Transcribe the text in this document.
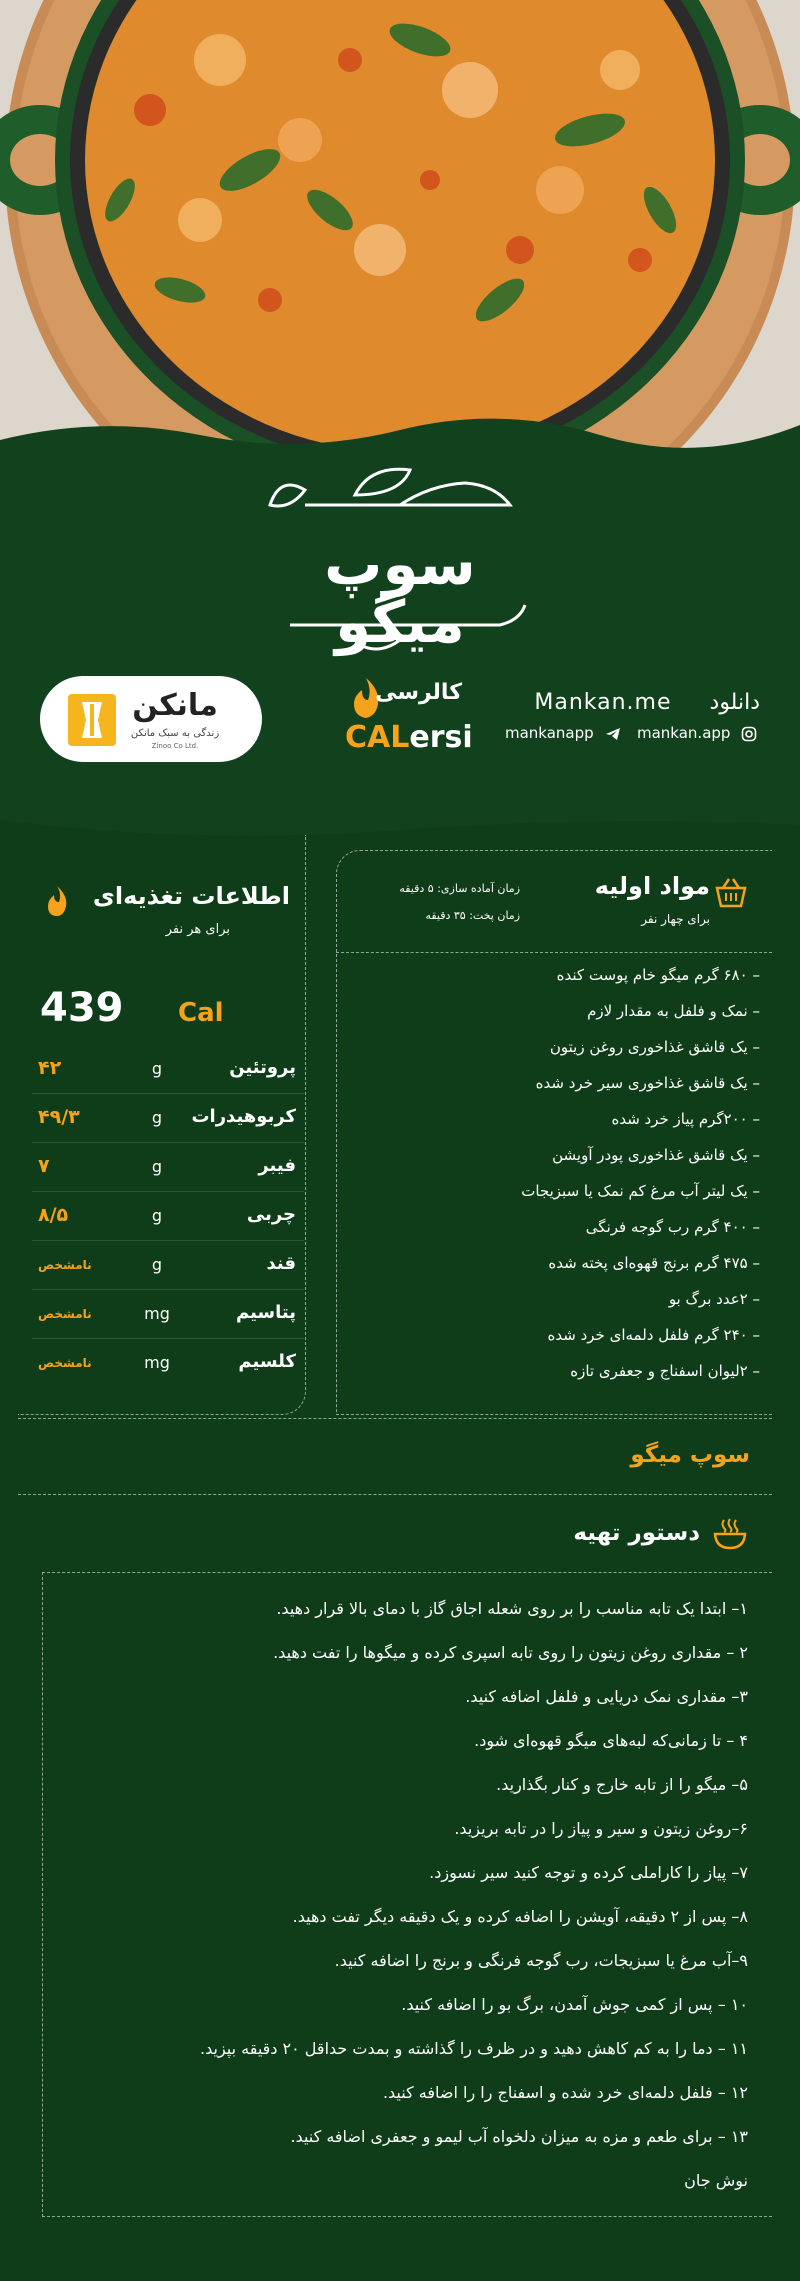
سوپ میگو
مانکن
زندگی به سبک مانکن
Zinoo Co Ltd.
کالرسی
CALersi
Mankan.me دانلود
mankanapp	mankan.app
اطلاعات تغذیه‌ای
برای هر نفر
439 Cal
۴۲	g	پروتئین
۴۹/۳	g	کربوهیدرات
۷	g	فیبر
۸/۵	g	چربی
نامشخص	g	قند
نامشخص	mg	پتاسیم
نامشخص	mg	کلسیم
مواد اولیه
برای چهار نفر
زمان آماده سازی: ۵ دقیقه
زمان پخت: ۳۵ دقیقه
– ۶۸۰ گرم میگو خام پوست کنده
– نمک و فلفل به مقدار لازم
– یک قاشق غذاخوری روغن زیتون
– یک قاشق غذاخوری سیر خرد شده
– ۲۰۰گرم پیاز خرد شده
– یک قاشق غذاخوری پودر آویشن
– یک لیتر آب مرغ کم نمک یا سبزیجات
– ۴۰۰ گرم رب گوجه فرنگی
– ۴۷۵ گرم برنج قهوه‌ای پخته شده
– ۲عدد برگ بو
– ۲۴۰ گرم فلفل دلمه‌ای خرد شده
– ۲لیوان اسفناج و جعفری تازه
سوپ میگو
دستور تهیه
۱– ابتدا یک تابه مناسب را بر روی شعله اجاق گاز با دمای بالا قرار دهید.
۲ – مقداری روغن زیتون را روی تابه اسپری کرده و میگوها را تفت دهید.
۳– مقداری نمک دریایی و فلفل اضافه کنید.
۴ – تا زمانی‌که لبه‌های میگو قهوه‌ای شود.
۵– میگو را از تابه خارج و کنار بگذارید.
۶–روغن زیتون و سیر و پیاز را در تابه بریزید.
۷– پیاز را کاراملی کرده و توجه کنید سیر نسوزد.
۸– پس از ۲ دقیقه، آویشن را اضافه کرده و یک دقیقه دیگر تفت دهید.
۹–آب مرغ یا سبزیجات، رب گوجه فرنگی و برنج را اضافه کنید.
۱۰ – پس از کمی جوش آمدن، برگ بو را اضافه کنید.
۱۱ – دما را به کم کاهش دهید و در ظرف را گذاشته و بمدت حداقل ۲۰ دقیقه بپزید.
۱۲ – فلفل دلمه‌ای خرد شده و اسفناج را را اضافه کنید.
۱۳ – برای طعم و مزه به میزان دلخواه آب لیمو و جعفری اضافه کنید.
نوش جان
